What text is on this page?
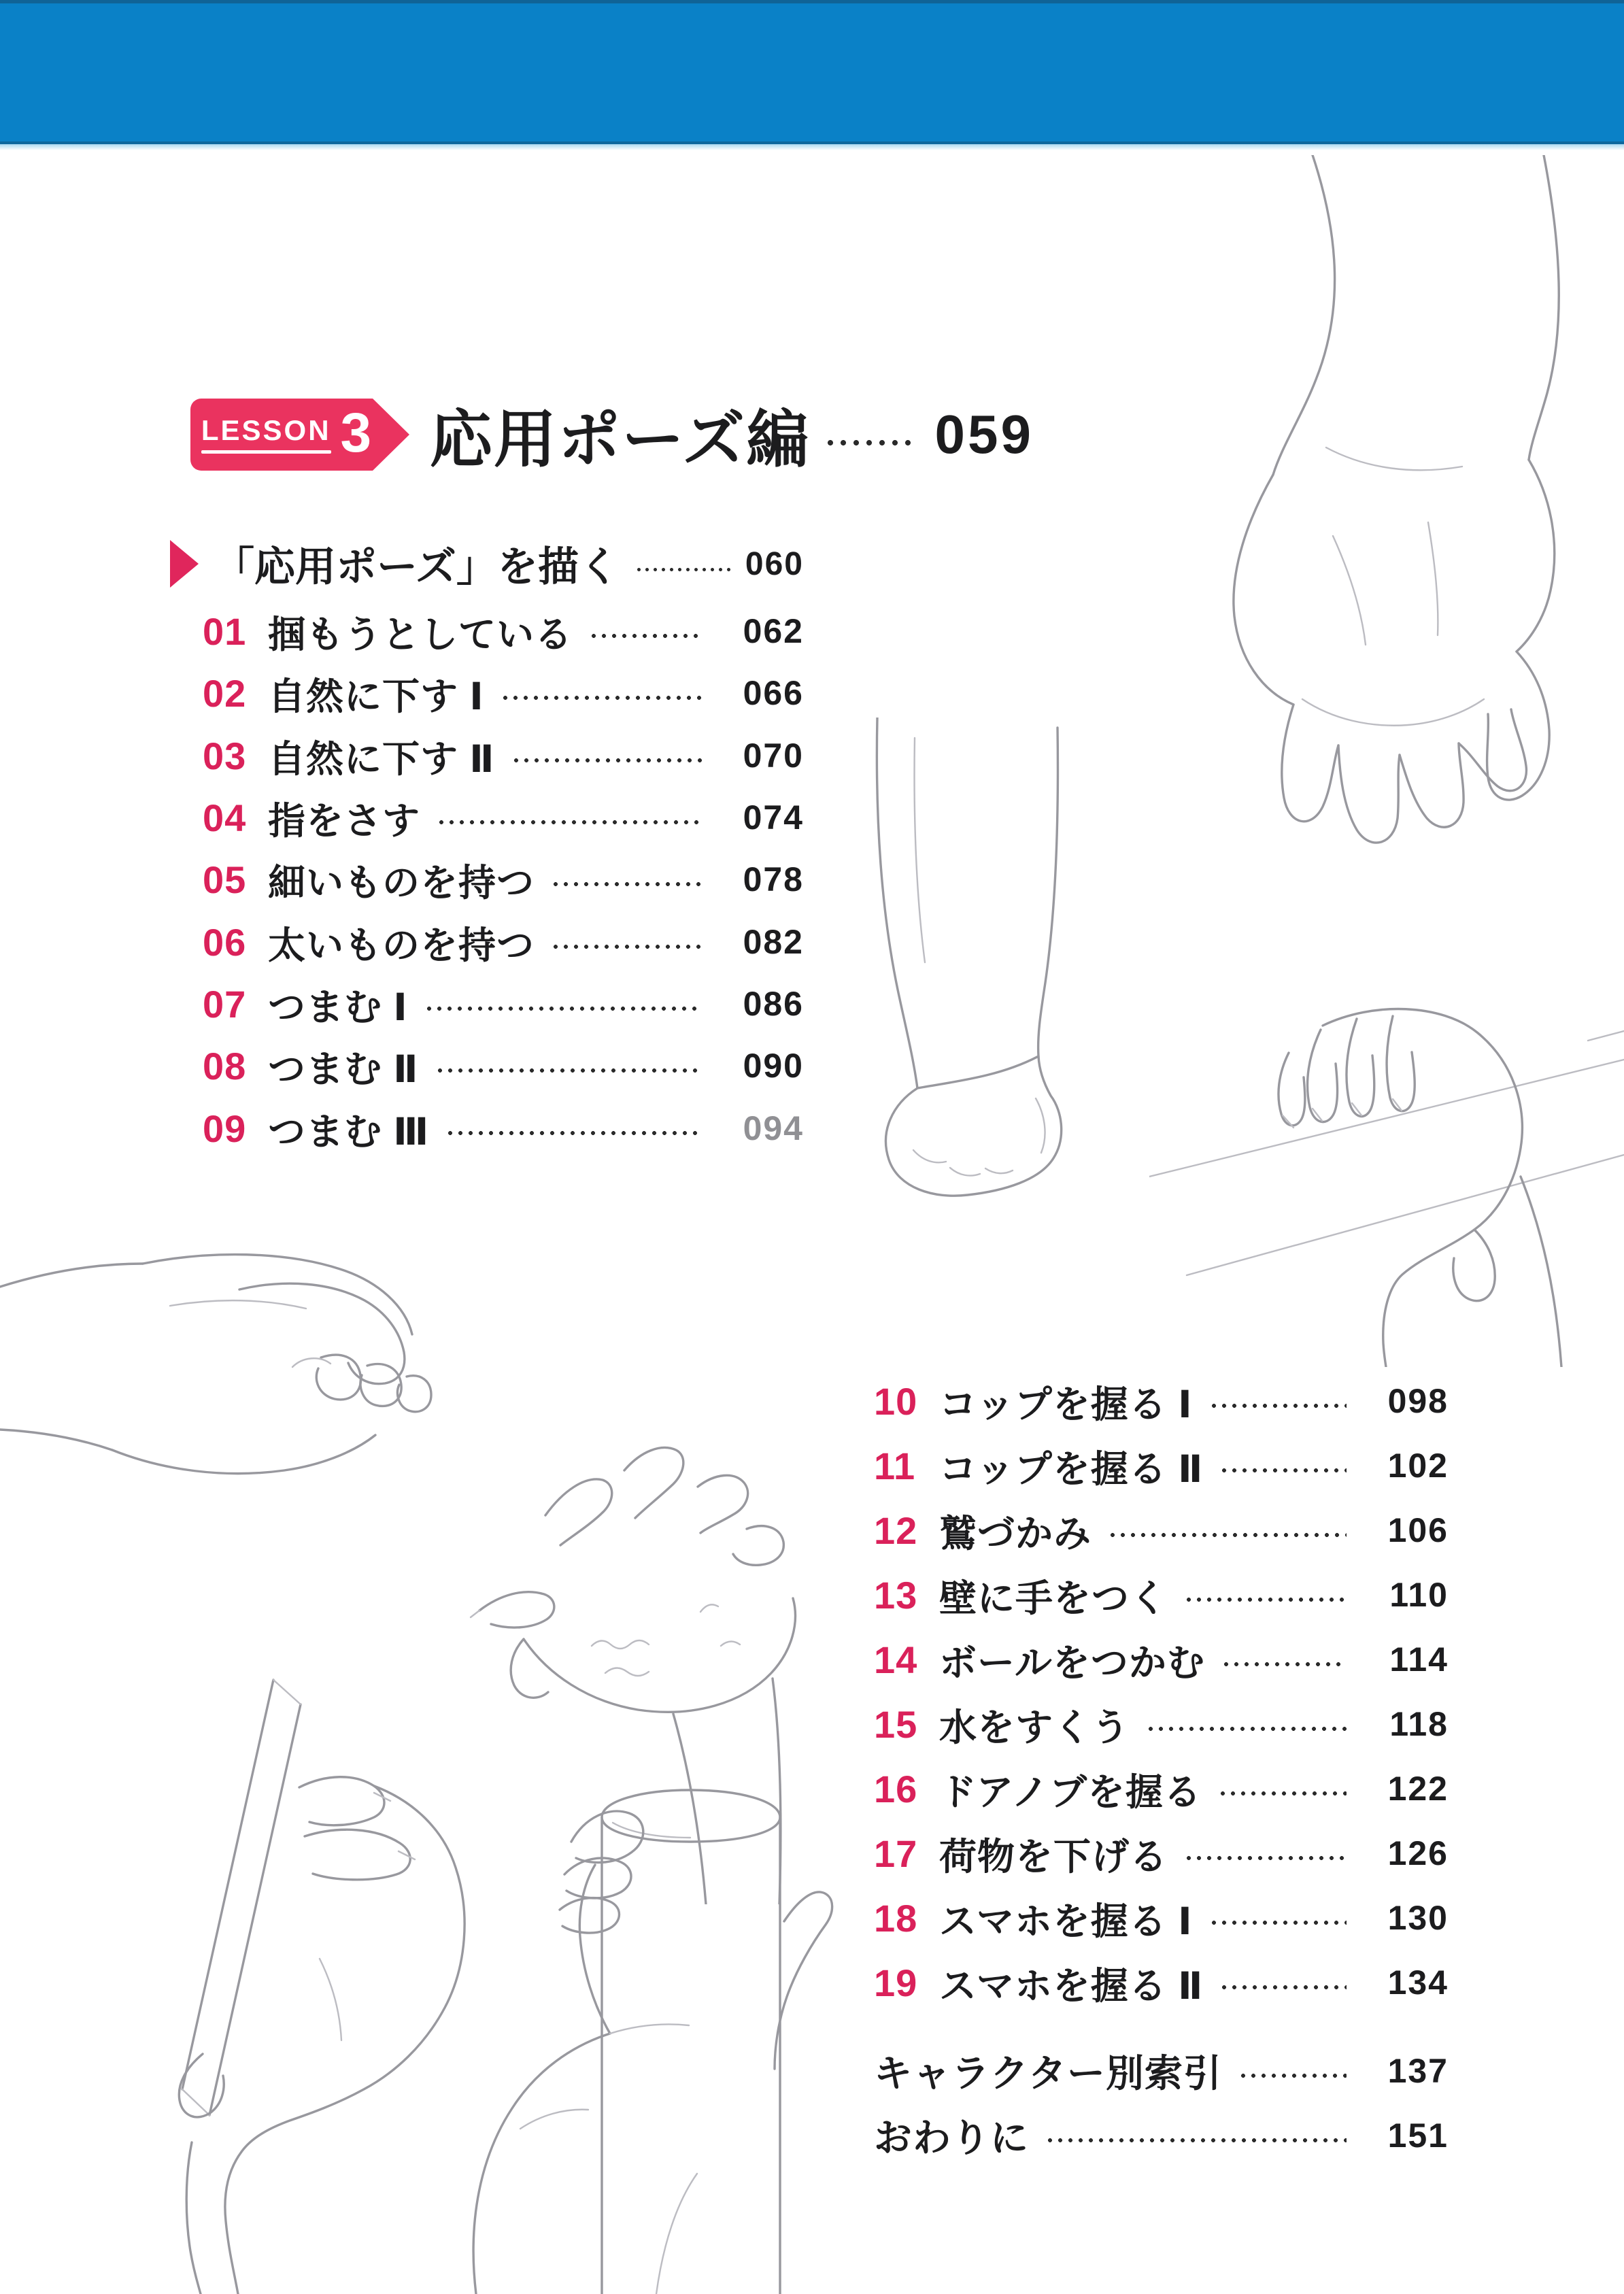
LESSON 3 応用ポーズ編 059
「応用ポーズ」を描く	060
01 掴もうとしている	062
02 自然に下す Ⅰ	066
03 自然に下す Ⅱ	070
04 指をさす	074
05 細いものを持つ	078
06 太いものを持つ	082
07 つまむ Ⅰ	086
08 つまむ Ⅱ	090
09 つまむ Ⅲ	094
10 コップを握る Ⅰ	098
11 コップを握る Ⅱ	102
12 鷲づかみ	106
13 壁に手をつく	110
14 ボールをつかむ	114
15 水をすくう	118
16 ドアノブを握る	122
17 荷物を下げる	126
18 スマホを握る Ⅰ	130
19 スマホを握る Ⅱ	134
キャラクター別索引	137
おわりに	151
